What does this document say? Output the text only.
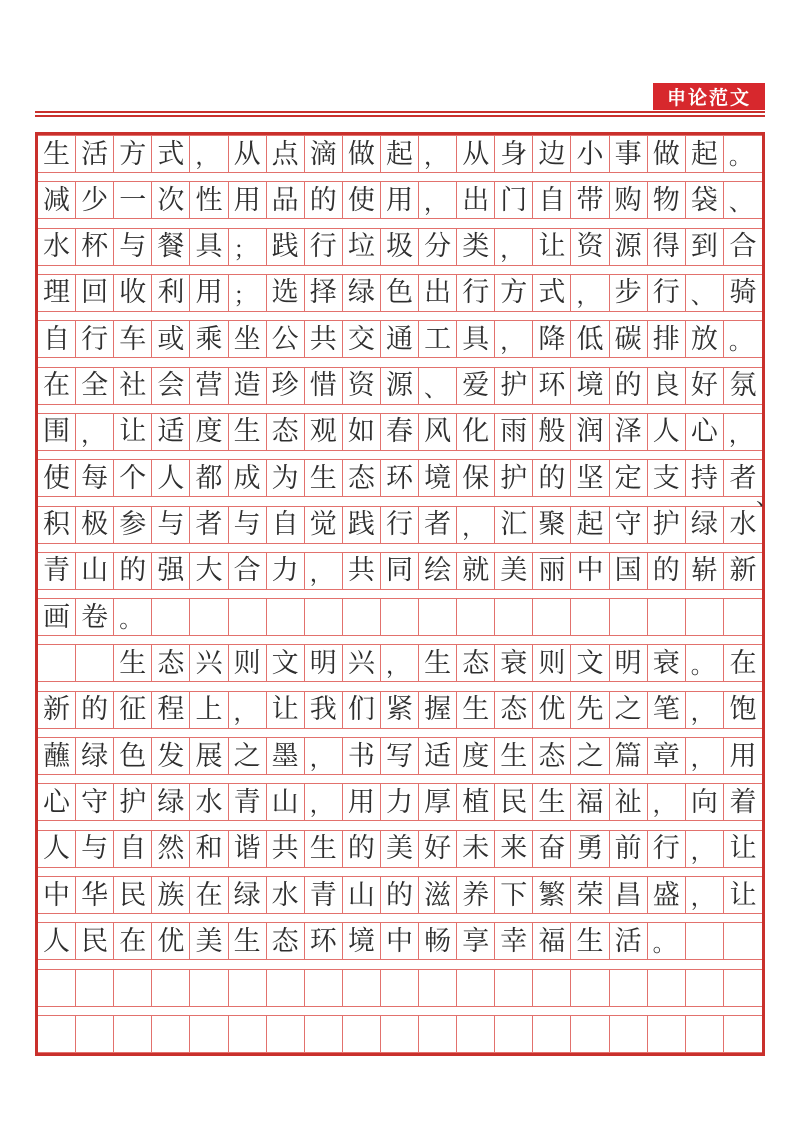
申论范文
生 活 方 式 ， 从 点 滴 做 起 ， 从 身 边 小 事 做 起 。
减 少 一 次 性 用 品 的 使 用 ， 出 门 自 带 购 物 袋 、
水 杯 与 餐 具 ； 践 行 垃 圾 分 类 ， 让 资 源 得 到 合
理 回 收 利 用 ； 选 择 绿 色 出 行 方 式 ， 步 行 、 骑
自 行 车 或 乘 坐 公 共 交 通 工 具 ， 降 低 碳 排 放 。
在 全 社 会 营 造 珍 惜 资 源 、 爱 护 环 境 的 良 好 氛
围 ， 让 适 度 生 态 观 如 春 风 化 雨 般 润 泽 人 心 ，
使 每 个 人 都 成 为 生 态 环 境 保 护 的 坚 定 支 持 者
积 极 参 与 者 与 自 觉 践 行 者 ， 汇 聚 起 守 护 绿 水
青 山 的 强 大 合 力 ， 共 同 绘 就 美 丽 中 国 的 崭 新
画 卷 。
生 态 兴 则 文 明 兴 ， 生 态 衰 则 文 明 衰 。 在
新 的 征 程 上 ， 让 我 们 紧 握 生 态 优 先 之 笔 ， 饱
蘸 绿 色 发 展 之 墨 ， 书 写 适 度 生 态 之 篇 章 ， 用
心 守 护 绿 水 青 山 ， 用 力 厚 植 民 生 福 祉 ， 向 着
人 与 自 然 和 谐 共 生 的 美 好 未 来 奋 勇 前 行 ， 让
中 华 民 族 在 绿 水 青 山 的 滋 养 下 繁 荣 昌 盛 ， 让
人 民 在 优 美 生 态 环 境 中 畅 享 幸 福 生 活 。
、
